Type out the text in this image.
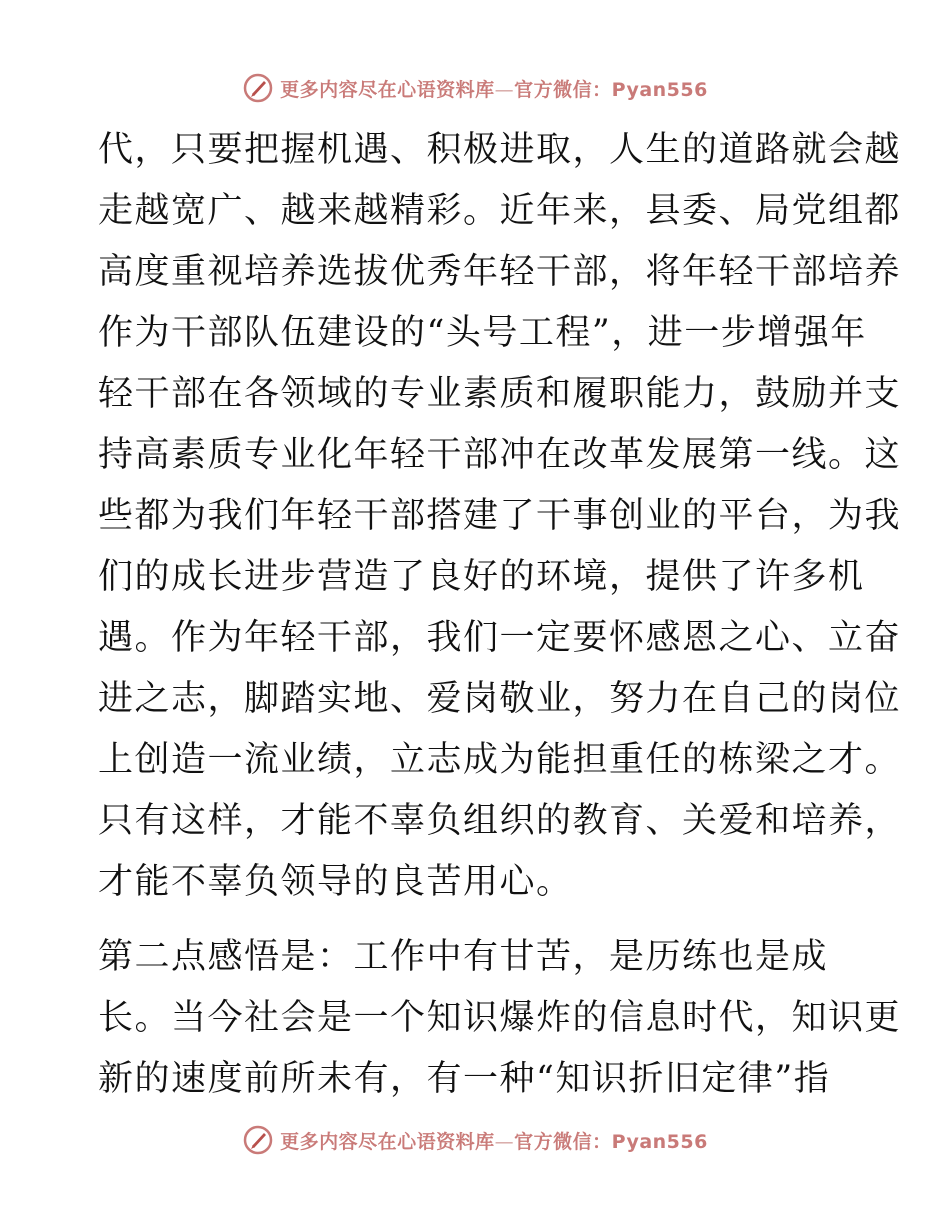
更多内容尽在心语资料库—官方微信：Pyan556
代，只要把握机遇、积极进取，人生的道路就会越
走越宽广、越来越精彩。近年来，县委、局党组都
高度重视培养选拔优秀年轻干部，将年轻干部培养
作为干部队伍建设的“头号工程”，进一步增强年
轻干部在各领域的专业素质和履职能力，鼓励并支
持高素质专业化年轻干部冲在改革发展第一线。这
些都为我们年轻干部搭建了干事创业的平台，为我
们的成长进步营造了良好的环境，提供了许多机
遇。作为年轻干部，我们一定要怀感恩之心、立奋
进之志，脚踏实地、爱岗敬业，努力在自己的岗位
上创造一流业绩，立志成为能担重任的栋梁之才。
只有这样，才能不辜负组织的教育、关爱和培养，
才能不辜负领导的良苦用心。
第二点感悟是：工作中有甘苦，是历练也是成
长。当今社会是一个知识爆炸的信息时代，知识更
新的速度前所未有，有一种“知识折旧定律”指
更多内容尽在心语资料库—官方微信：Pyan556
